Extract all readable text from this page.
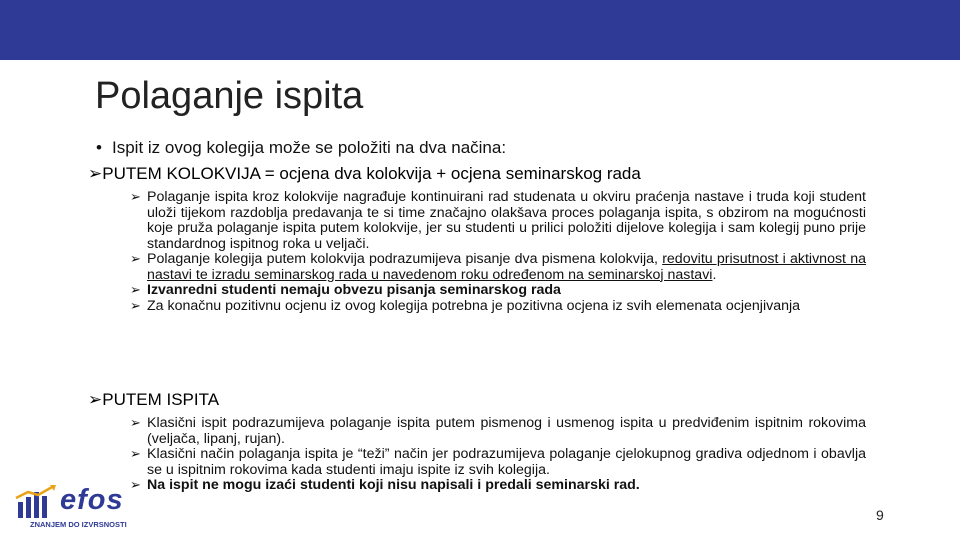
Polaganje ispita

• Ispit iz ovog kolegija može se položiti na dva načina:

➢PUTEM KOLOKVIJA = ocjena dva kolokvija + ocjena seminarskog rada

➢ Polaganje ispita kroz kolokvije nagrađuje kontinuirani rad studenata u okviru praćenja nastave i truda koji student uloži tijekom razdoblja predavanja te si time značajno olakšava proces polaganja ispita, s obzirom na mogućnosti koje pruža polaganje ispita putem kolokvije, jer su studenti u prilici položiti dijelove kolegija i sam kolegij puno prije standardnog ispitnog roka u veljači.
➢ Polaganje kolegija putem kolokvija podrazumijeva pisanje dva pismena kolokvija, redovitu prisutnost i aktivnost na nastavi te izradu seminarskog rada u navedenom roku određenom na seminarskoj nastavi.
➢ Izvanredni studenti nemaju obvezu pisanja seminarskog rada
➢ Za konačnu pozitivnu ocjenu iz ovog kolegija potrebna je pozitivna ocjena iz svih elemenata ocjenjivanja

➢PUTEM ISPITA

➢ Klasični ispit podrazumijeva polaganje ispita putem pismenog i usmenog ispita u predviđenim ispitnim rokovima (veljača, lipanj, rujan).
➢ Klasični način polaganja ispita je “teži” način jer podrazumijeva polaganje cjelokupnog gradiva odjednom i obavlja se u ispitnim rokovima kada studenti imaju ispite iz svih kolegija.
➢ Na ispit ne mogu izaći studenti koji nisu napisali i predali seminarski rad.
efos
ZNANJEM DO IZVRSNOSTI
9
